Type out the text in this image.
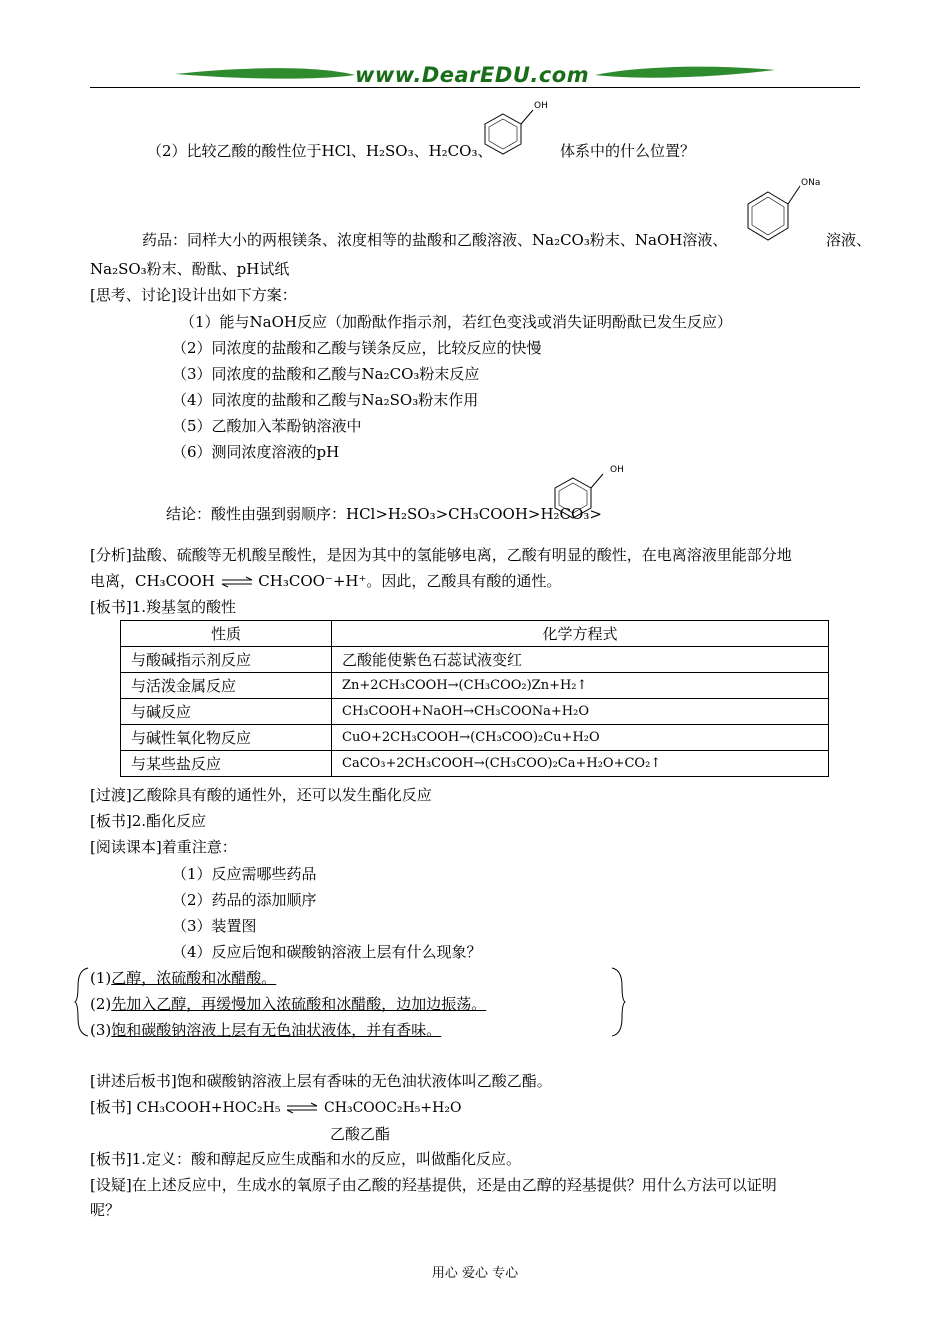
www.DearEDU.com
（2）比较乙酸的酸性位于HCl、H₂SO₃、H₂CO₃、
OH
体系中的什么位置？
药品：同样大小的两根镁条、浓度相等的盐酸和乙酸溶液、Na₂CO₃粉末、NaOH溶液、
ONa
溶液、
Na₂SO₃粉末、酚酞、pH试纸
[思考、讨论]设计出如下方案：
（1）能与NaOH反应（加酚酞作指示剂，若红色变浅或消失证明酚酞已发生反应）
（2）同浓度的盐酸和乙酸与镁条反应，比较反应的快慢
（3）同浓度的盐酸和乙酸与Na₂CO₃粉末反应
（4）同浓度的盐酸和乙酸与Na₂SO₃粉末作用
（5）乙酸加入苯酚钠溶液中
（6）测同浓度溶液的pH
结论：酸性由强到弱顺序：HCl>H₂SO₃>CH₃COOH>H₂CO₃>
OH
[分析]盐酸、硫酸等无机酸呈酸性，是因为其中的氢能够电离，乙酸有明显的酸性，在电离溶液里能部分地
电离，CH₃COOH ⇌ CH₃COO⁻+H⁺。因此，乙酸具有酸的通性。
[板书]1.羧基氢的酸性
性质	化学方程式
与酸碱指示剂反应	乙酸能使紫色石蕊试液变红
与活泼金属反应	Zn+2CH₃COOH→(CH₃COO₂)Zn+H₂↑
与碱反应	CH₃COOH+NaOH→CH₃COONa+H₂O
与碱性氧化物反应	CuO+2CH₃COOH→(CH₃COO)₂Cu+H₂O
与某些盐反应	CaCO₃+2CH₃COOH→(CH₃COO)₂Ca+H₂O+CO₂↑
[过渡]乙酸除具有酸的通性外，还可以发生酯化反应
[板书]2.酯化反应
[阅读课本]着重注意：
（1）反应需哪些药品
（2）药品的添加顺序
（3）装置图
（4）反应后饱和碳酸钠溶液上层有什么现象？
(1)乙醇，浓硫酸和冰醋酸。
(2)先加入乙醇，再缓慢加入浓硫酸和冰醋酸，边加边振荡。
(3)饱和碳酸钠溶液上层有无色油状液体，并有香味。
[讲述后板书]饱和碳酸钠溶液上层有香味的无色油状液体叫乙酸乙酯。
[板书] CH₃COOH+HOC₂H₅ ⇌ CH₃COOC₂H₅+H₂O
乙酸乙酯
[板书]1.定义：酸和醇起反应生成酯和水的反应，叫做酯化反应。
[设疑]在上述反应中，生成水的氧原子由乙酸的羟基提供，还是由乙醇的羟基提供？用什么方法可以证明
呢？
用心 爱心 专心
